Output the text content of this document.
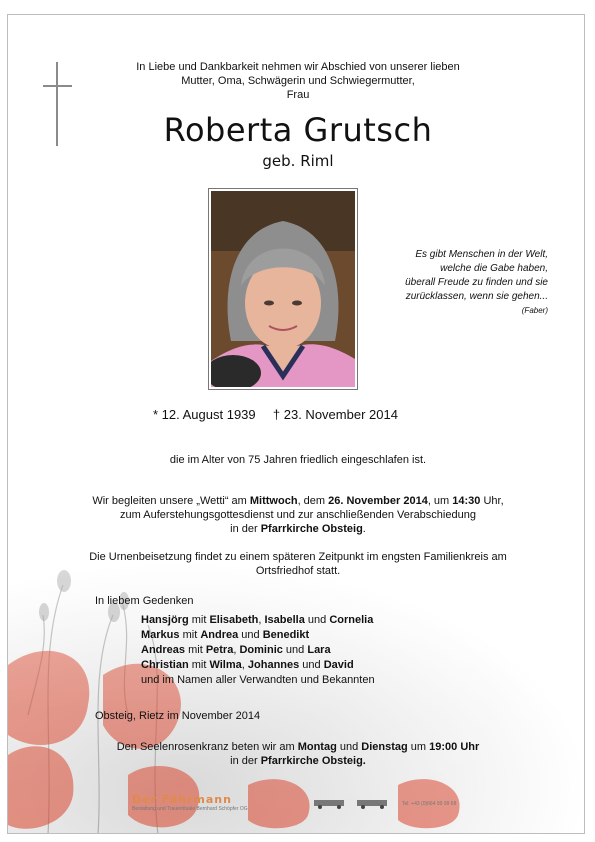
In Liebe und Dankbarkeit nehmen wir Abschied von unserer lieben
Mutter, Oma, Schwägerin und Schwiegermutter,
Frau
Roberta Grutsch
geb. Riml
Es gibt Menschen in der Welt,
welche die Gabe haben,
überall Freude zu finden und sie
zurücklassen, wenn sie gehen...
(Faber)
* 12. August 1939 † 23. November 2014
die im Alter von 75 Jahren friedlich eingeschlafen ist.
Wir begleiten unsere „Wetti“ am Mittwoch, dem 26. November 2014, um 14:30 Uhr,
zum Auferstehungsgottesdienst und zur anschließenden Verabschiedung
in der Pfarrkirche Obsteig.
Die Urnenbeisetzung findet zu einem späteren Zeitpunkt im engsten Familienkreis am
Ortsfriedhof statt.
In liebem Gedenken
Hansjörg mit Elisabeth, Isabella und Cornelia
Markus mit Andrea und Benedikt
Andreas mit Petra, Dominic und Lara
Christian mit Wilma, Johannes und David
und im Namen aller Verwandten und Bekannten
Obsteig, Rietz im November 2014
Den Seelenrosenkranz beten wir am Montag und Dienstag um 19:00 Uhr
in der Pfarrkirche Obsteig.
Der Fährmann
Bestattung und Trauerrituale Bernhard Schöpfer OG
Tel: +43 (0)664 99 99 68
